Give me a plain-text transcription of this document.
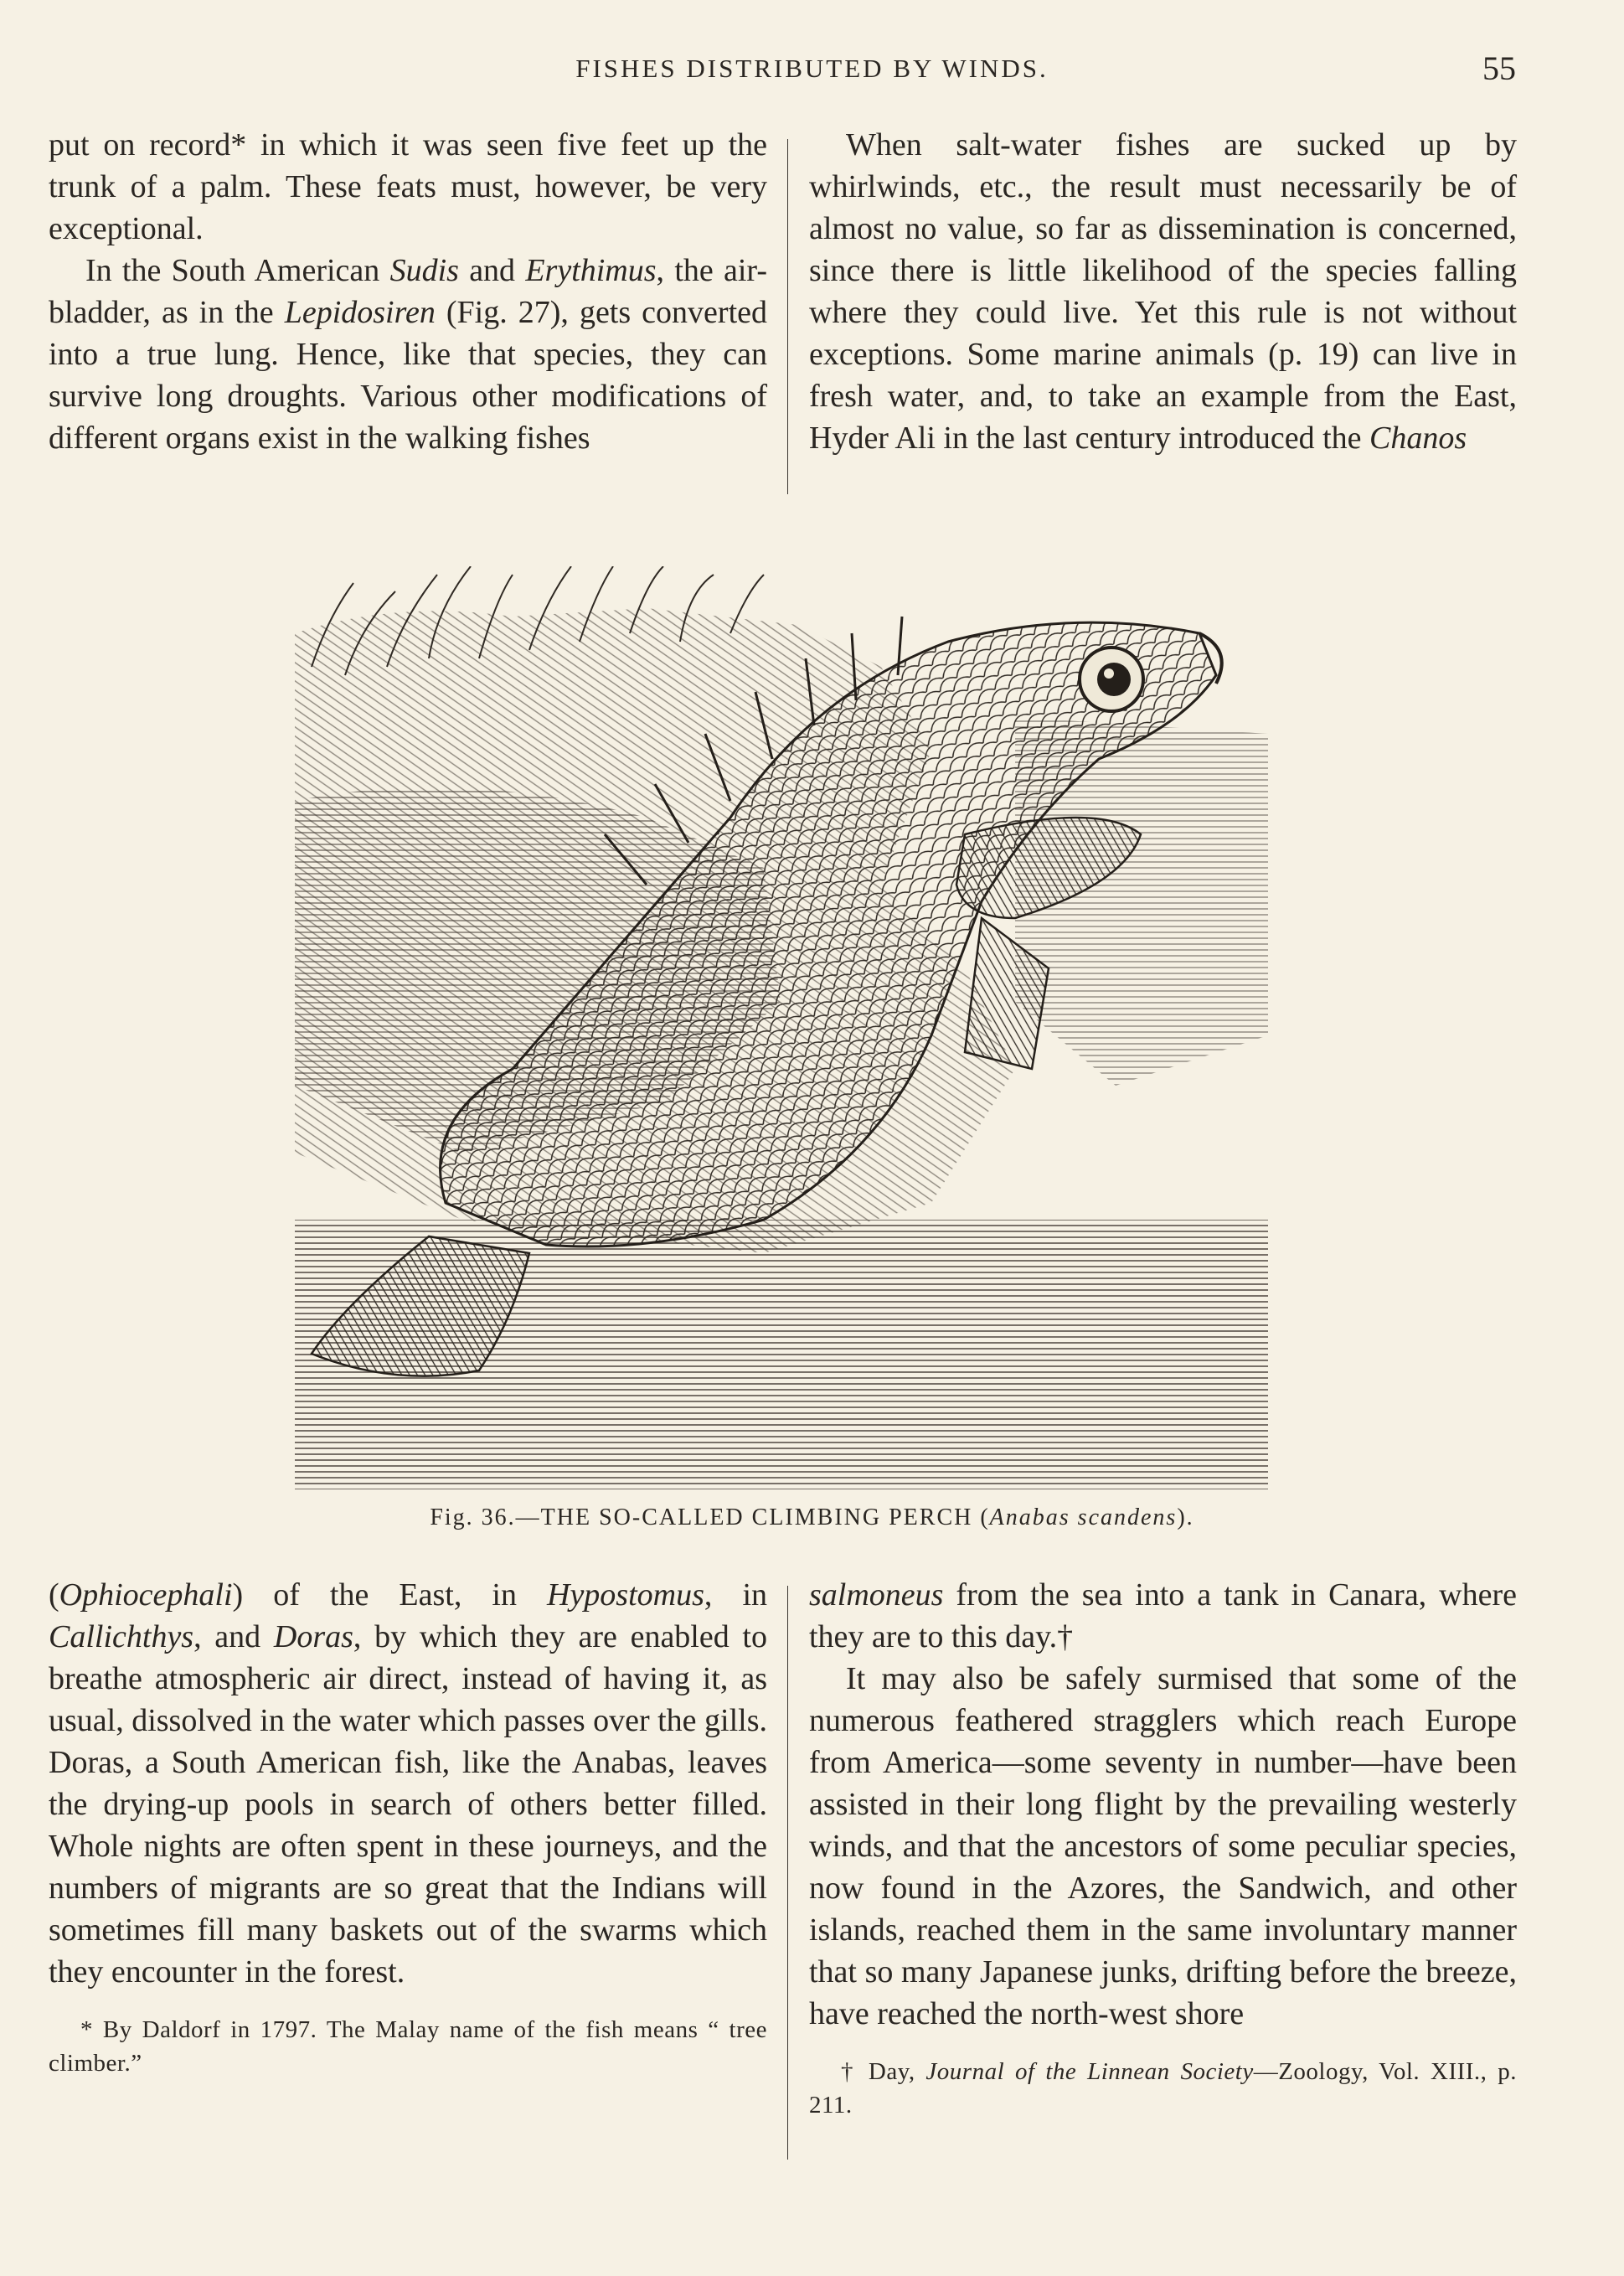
FISHES DISTRIBUTED BY WINDS.	55

put on record* in which it was seen five feet up the trunk of a palm. These feats must, however, be very exceptional.

In the South American Sudis and Erythimus, the air-bladder, as in the Lepidosiren (Fig. 27), gets converted into a true lung. Hence, like that species, they can survive long droughts. Various other modifications of different organs exist in the walking fishes

When salt-water fishes are sucked up by whirlwinds, etc., the result must necessarily be of almost no value, so far as dissemination is concerned, since there is little likelihood of the species falling where they could live. Yet this rule is not without exceptions. Some marine animals (p. 19) can live in fresh water, and, to take an example from the East, Hyder Ali in the last century introduced the Chanos

Fig. 36.—THE SO-CALLED CLIMBING PERCH (Anabas scandens).

(Ophiocephali) of the East, in Hypostomus, in Callichthys, and Doras, by which they are enabled to breathe atmospheric air direct, instead of having it, as usual, dissolved in the water which passes over the gills. Doras, a South American fish, like the Anabas, leaves the drying-up pools in search of others better filled. Whole nights are often spent in these journeys, and the numbers of migrants are so great that the Indians will sometimes fill many baskets out of the swarms which they encounter in the forest.

* By Daldorf in 1797. The Malay name of the fish means “ tree climber.”

salmoneus from the sea into a tank in Canara, where they are to this day.†

It may also be safely surmised that some of the numerous feathered stragglers which reach Europe from America—some seventy in number—have been assisted in their long flight by the prevailing westerly winds, and that the ancestors of some peculiar species, now found in the Azores, the Sandwich, and other islands, reached them in the same involuntary manner that so many Japanese junks, drifting before the breeze, have reached the north-west shore

† Day, Journal of the Linnean Society—Zoology, Vol. XIII., p. 211.
